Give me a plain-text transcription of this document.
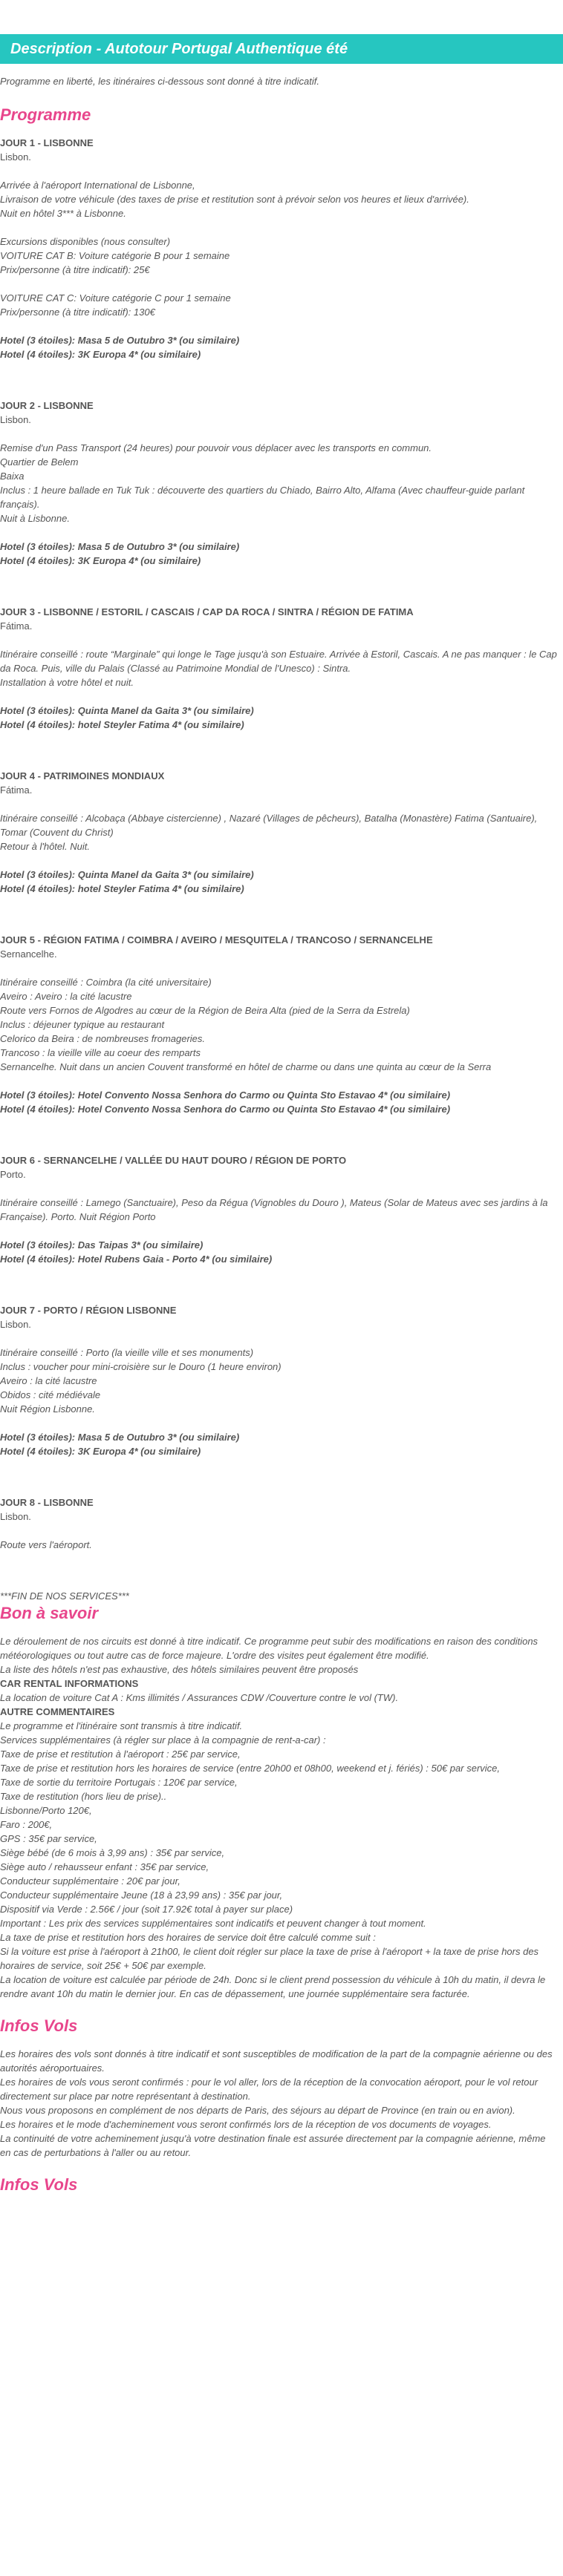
Description - Autotour Portugal Authentique été

Programme en liberté, les itinéraires ci-dessous sont donné à titre indicatif.

Programme

JOUR 1 - LISBONNE

Lisbon.

Arrivée à l'aéroport International de Lisbonne,

Livraison de votre véhicule (des taxes de prise et restitution sont à prévoir selon vos heures et lieux d'arrivée).

Nuit en hôtel 3*** à Lisbonne.

Excursions disponibles (nous consulter)

VOITURE CAT B: Voiture catégorie B pour 1 semaine

Prix/personne (à titre indicatif): 25€

VOITURE CAT C: Voiture catégorie C pour 1 semaine

Prix/personne (à titre indicatif): 130€

Hotel (3 étoiles): Masa 5 de Outubro 3* (ou similaire)

Hotel (4 étoiles): 3K Europa 4* (ou similaire)

JOUR 2 - LISBONNE

Lisbon.

Remise d'un Pass Transport (24 heures) pour pouvoir vous déplacer avec les transports en commun.

Quartier de Belem

Baixa

Inclus : 1 heure ballade en Tuk Tuk : découverte des quartiers du Chiado, Bairro Alto, Alfama (Avec chauffeur-guide parlant français).

Nuit à Lisbonne.

Hotel (3 étoiles): Masa 5 de Outubro 3* (ou similaire)

Hotel (4 étoiles): 3K Europa 4* (ou similaire)

JOUR 3 - LISBONNE / ESTORIL / CASCAIS / CAP DA ROCA / SINTRA / RÉGION DE FATIMA

Fátima.

Itinéraire conseillé : route “Marginale” qui longe le Tage jusqu'à son Estuaire. Arrivée à Estoril, Cascais. A ne pas manquer : le Cap da Roca. Puis, ville du Palais (Classé au Patrimoine Mondial de l'Unesco) : Sintra.

Installation à votre hôtel et nuit.

Hotel (3 étoiles): Quinta Manel da Gaita 3* (ou similaire)

Hotel (4 étoiles): hotel Steyler Fatima 4* (ou similaire)

JOUR 4 - PATRIMOINES MONDIAUX

Fátima.

Itinéraire conseillé : Alcobaça (Abbaye cistercienne) , Nazaré (Villages de pêcheurs), Batalha (Monastère) Fatima (Santuaire), Tomar (Couvent du Christ)

Retour à l'hôtel. Nuit.

Hotel (3 étoiles): Quinta Manel da Gaita 3* (ou similaire)

Hotel (4 étoiles): hotel Steyler Fatima 4* (ou similaire)

JOUR 5 - RÉGION FATIMA / COIMBRA / AVEIRO / MESQUITELA / TRANCOSO / SERNANCELHE

Sernancelhe.

Itinéraire conseillé : Coimbra (la cité universitaire)

Aveiro : Aveiro : la cité lacustre

Route vers Fornos de Algodres au cœur de la Région de Beira Alta (pied de la Serra da Estrela)

Inclus : déjeuner typique au restaurant

Celorico da Beira : de nombreuses fromageries.

Trancoso : la vieille ville au coeur des remparts

Sernancelhe. Nuit dans un ancien Couvent transformé en hôtel de charme ou dans une quinta au cœur de la Serra

Hotel (3 étoiles): Hotel Convento Nossa Senhora do Carmo ou Quinta Sto Estavao 4* (ou similaire)

Hotel (4 étoiles): Hotel Convento Nossa Senhora do Carmo ou Quinta Sto Estavao 4* (ou similaire)

JOUR 6 - SERNANCELHE / VALLÉE DU HAUT DOURO / RÉGION DE PORTO

Porto.

Itinéraire conseillé : Lamego (Sanctuaire), Peso da Régua (Vignobles du Douro ), Mateus (Solar de Mateus avec ses jardins à la Française). Porto. Nuit Région Porto

Hotel (3 étoiles): Das Taipas 3* (ou similaire)

Hotel (4 étoiles): Hotel Rubens Gaia - Porto 4* (ou similaire)

JOUR 7 - PORTO / RÉGION LISBONNE

Lisbon.

Itinéraire conseillé : Porto (la vieille ville et ses monuments)

Inclus : voucher pour mini-croisière sur le Douro (1 heure environ)

Aveiro : la cité lacustre

Obidos : cité médiévale

Nuit Région Lisbonne.

Hotel (3 étoiles): Masa 5 de Outubro 3* (ou similaire)

Hotel (4 étoiles): 3K Europa 4* (ou similaire)

JOUR 8 - LISBONNE

Lisbon.

Route vers l'aéroport.

***FIN DE NOS SERVICES***

Bon à savoir

Le déroulement de nos circuits est donné à titre indicatif. Ce programme peut subir des modifications en raison des conditions météorologiques ou tout autre cas de force majeure. L'ordre des visites peut également être modifié.

La liste des hôtels n'est pas exhaustive, des hôtels similaires peuvent être proposés

CAR RENTAL INFORMATIONS

La location de voiture Cat A : Kms illimités / Assurances CDW /Couverture contre le vol (TW).

AUTRE COMMENTAIRES

Le programme et l'itinéraire sont transmis à titre indicatif.

Services supplémentaires (à régler sur place à la compagnie de rent-a-car) :

Taxe de prise et restitution à l'aéroport : 25€ par service,

Taxe de prise et restitution hors les horaires de service (entre 20h00 et 08h00, weekend et j. fériés) : 50€ par service,

Taxe de sortie du territoire Portugais : 120€ par service,

Taxe de restitution (hors lieu de prise)..

Lisbonne/Porto 120€,

Faro : 200€,

GPS : 35€ par service,

Siège bébé (de 6 mois à 3,99 ans) : 35€ par service,

Siège auto / rehausseur enfant : 35€ par service,

Conducteur supplémentaire : 20€ par jour,

Conducteur supplémentaire Jeune (18 à 23,99 ans) : 35€ par jour,

Dispositif via Verde : 2.56€ / jour (soit 17.92€ total à payer sur place)

Important : Les prix des services supplémentaires sont indicatifs et peuvent changer à tout moment.

La taxe de prise et restitution hors des horaires de service doit être calculé comme suit :

Si la voiture est prise à l'aéroport à 21h00, le client doit régler sur place la taxe de prise à l'aéroport + la taxe de prise hors des horaires de service, soit 25€ + 50€ par exemple.

La location de voiture est calculée par période de 24h. Donc si le client prend possession du véhicule à 10h du matin, il devra le rendre avant 10h du matin le dernier jour. En cas de dépassement, une journée supplémentaire sera facturée.

Infos Vols

Les horaires des vols sont donnés à titre indicatif et sont susceptibles de modification de la part de la compagnie aérienne ou des autorités aéroportuaires.

Les horaires de vols vous seront confirmés : pour le vol aller, lors de la réception de la convocation aéroport, pour le vol retour directement sur place par notre représentant à destination.

Nous vous proposons en complément de nos départs de Paris, des séjours au départ de Province (en train ou en avion).

Les horaires et le mode d'acheminement vous seront confirmés lors de la réception de vos documents de voyages.

La continuité de votre acheminement jusqu'à votre destination finale est assurée directement par la compagnie aérienne, même en cas de perturbations à l'aller ou au retour.

Infos Vols
